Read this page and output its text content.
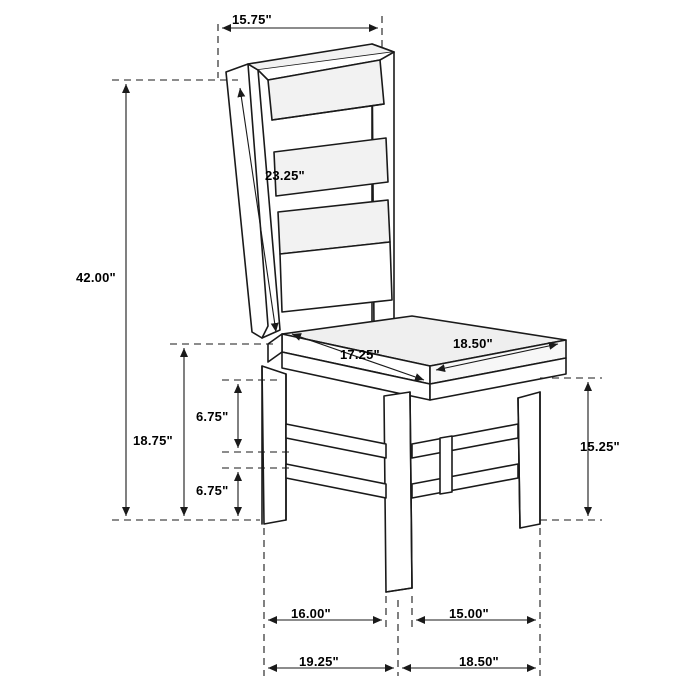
15.75"
23.25"
42.00"
17.25"
18.50"
18.75"
6.75"
6.75"
15.25"
16.00"	15.00"
19.25"	18.50"
